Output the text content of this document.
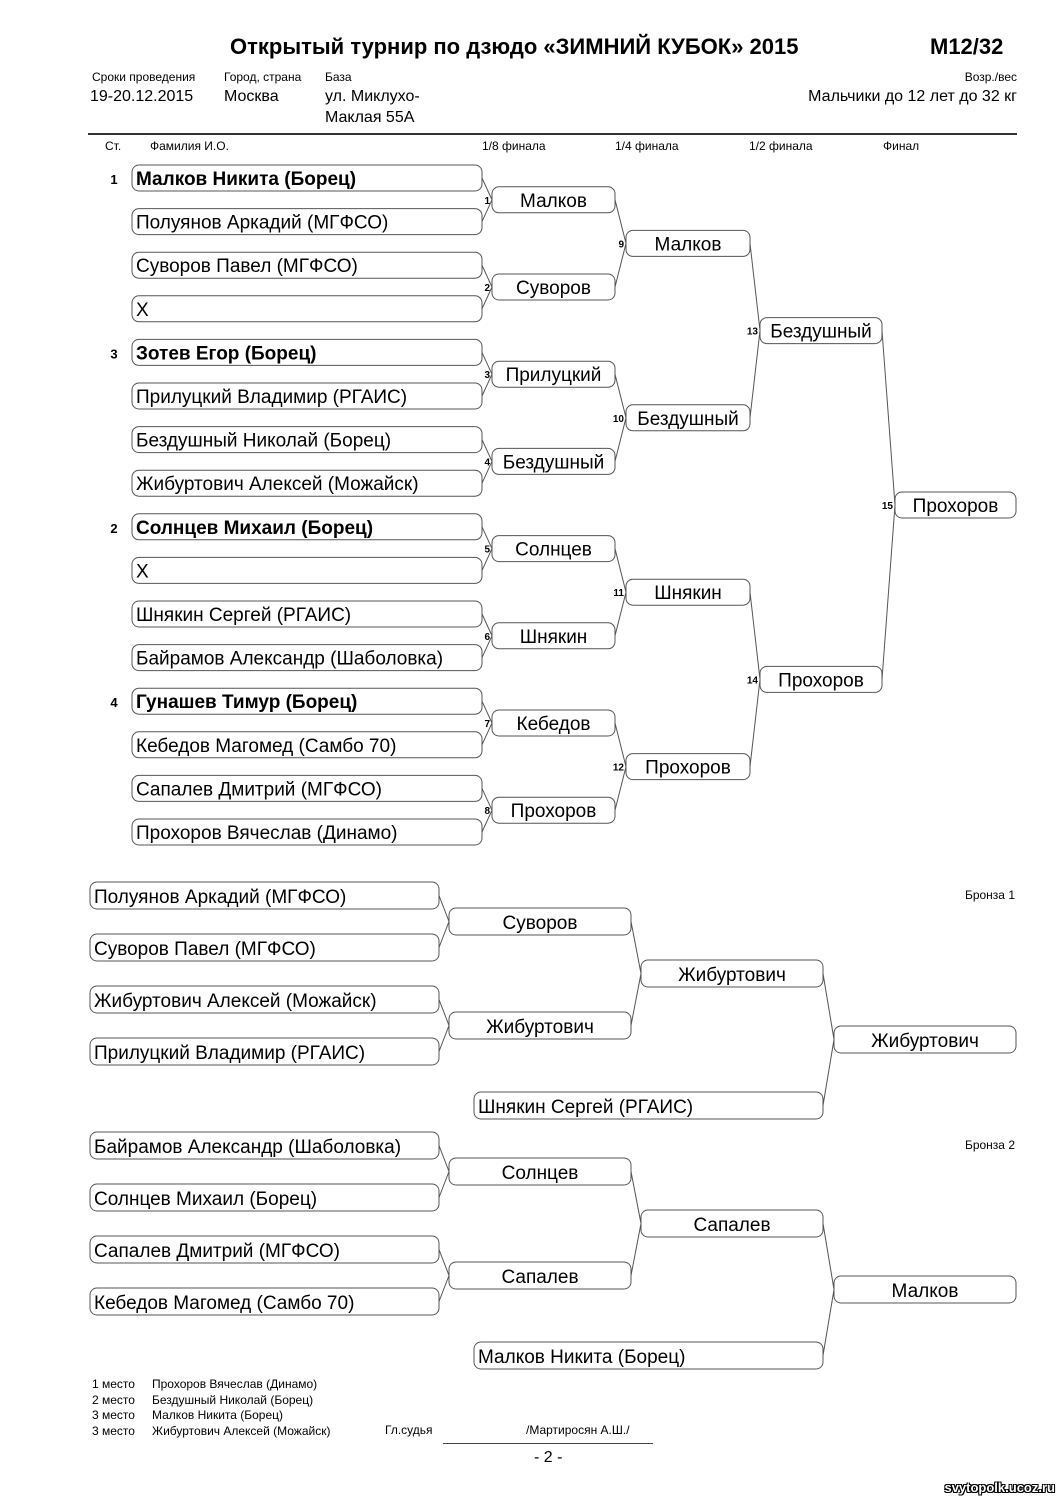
Открытый турнир по дзюдо «ЗИМНИЙ КУБОК» 2015	M12/32
Сроки проведения
19-20.12.2015
Город, страна
Москва
База
ул. Миклухо-
Маклая 55А
Возр./вес
Мальчики до 12 лет до 32 кг
Ст. Фамилия И.О.	1/8 финала	1/4 финала	1/2 финала	Финал
Малков Никита (Борец)
1
Полуянов Аркадий (МГФСО)
Суворов Павел (МГФСО)
X
Зотев Егор (Борец)
3
Прилуцкий Владимир (РГАИС)
Бездушный Николай (Борец)
Жибуртович Алексей (Можайск)
Солнцев Михаил (Борец)
2
X
Шнякин Сергей (РГАИС)
Байрамов Александр (Шаболовка)
Гунашев Тимур (Борец)
4
Кебедов Магомед (Самбо 70)
Сапалев Дмитрий (МГФСО)
Прохоров Вячеслав (Динамо)
1 Малков
2 Суворов
3 Прилуцкий
4 Бездушный
5 Солнцев
6 Шнякин
7 Кебедов
8 Прохоров
9 Малков
10 Бездушный
11 Шнякин
12 Прохоров
13 Бездушный
14 Прохоров
15 Прохоров
Полуянов Аркадий (МГФСО)
Суворов Павел (МГФСО)
Жибуртович Алексей (Можайск)
Прилуцкий Владимир (РГАИС)
Суворов
Жибуртович
Жибуртович
Шнякин Сергей (РГАИС)
Жибуртович
Бронза 1
Байрамов Александр (Шаболовка)
Солнцев Михаил (Борец)
Сапалев Дмитрий (МГФСО)
Кебедов Магомед (Самбо 70)
Солнцев
Сапалев
Сапалев
Малков Никита (Борец)
Малков
Бронза 2
1 место Прохоров Вячеслав (Динамо)
2 место Бездушный Николай (Борец)
3 место Малков Никита (Борец)
3 место Жибуртович Алексей (Можайск)	Гл.судья	/Мартиросян А.Ш./
- 2 -
svytopolk.ucoz.ru
